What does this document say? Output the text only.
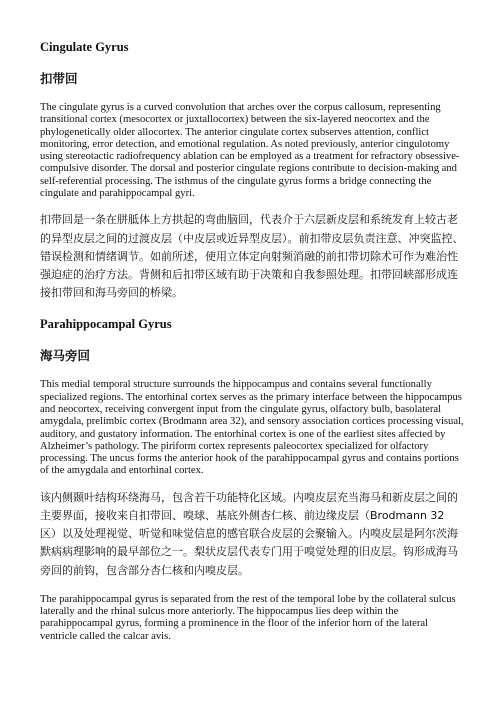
Cingulate Gyrus
扣带回

The cingulate gyrus is a curved convolution that arches over the corpus callosum, representing transitional cortex (mesocortex or juxtallocortex) between the six-layered neocortex and the phylogenetically older allocortex. The anterior cingulate cortex subserves attention, conflict monitoring, error detection, and emotional regulation. As noted previously, anterior cingulotomy using stereotactic radiofrequency ablation can be employed as a treatment for refractory obsessive-compulsive disorder. The dorsal and posterior cingulate regions contribute to decision-making and self-referential processing. The isthmus of the cingulate gyrus forms a bridge connecting the cingulate and parahippocampal gyri.

扣带回是一条在胼胝体上方拱起的弯曲脑回，代表介于六层新皮层和系统发育上较古老的异型皮层之间的过渡皮层（中皮层或近异型皮层）。前扣带皮层负责注意、冲突监控、错误检测和情绪调节。如前所述，使用立体定向射频消融的前扣带切除术可作为难治性强迫症的治疗方法。背侧和后扣带区域有助于决策和自我参照处理。扣带回峡部形成连接扣带回和海马旁回的桥梁。

Parahippocampal Gyrus
海马旁回

This medial temporal structure surrounds the hippocampus and contains several functionally specialized regions. The entorhinal cortex serves as the primary interface between the hippocampus and neocortex, receiving convergent input from the cingulate gyrus, olfactory bulb, basolateral amygdala, prelimbic cortex (Brodmann area 32), and sensory association cortices processing visual, auditory, and gustatory information. The entorhinal cortex is one of the earliest sites affected by Alzheimer’s pathology. The piriform cortex represents paleocortex specialized for olfactory processing. The uncus forms the anterior hook of the parahippocampal gyrus and contains portions of the amygdala and entorhinal cortex.

该内侧颞叶结构环绕海马，包含若干功能特化区域。内嗅皮层充当海马和新皮层之间的主要界面，接收来自扣带回、嗅球、基底外侧杏仁核、前边缘皮层（Brodmann 32 区）以及处理视觉、听觉和味觉信息的感官联合皮层的会聚输入。内嗅皮层是阿尔茨海默病病理影响的最早部位之一。梨状皮层代表专门用于嗅觉处理的旧皮层。钩形成海马旁回的前钩，包含部分杏仁核和内嗅皮层。

The parahippocampal gyrus is separated from the rest of the temporal lobe by the collateral sulcus laterally and the rhinal sulcus more anteriorly. The hippocampus lies deep within the parahippocampal gyrus, forming a prominence in the floor of the inferior horn of the lateral ventricle called the calcar avis.
